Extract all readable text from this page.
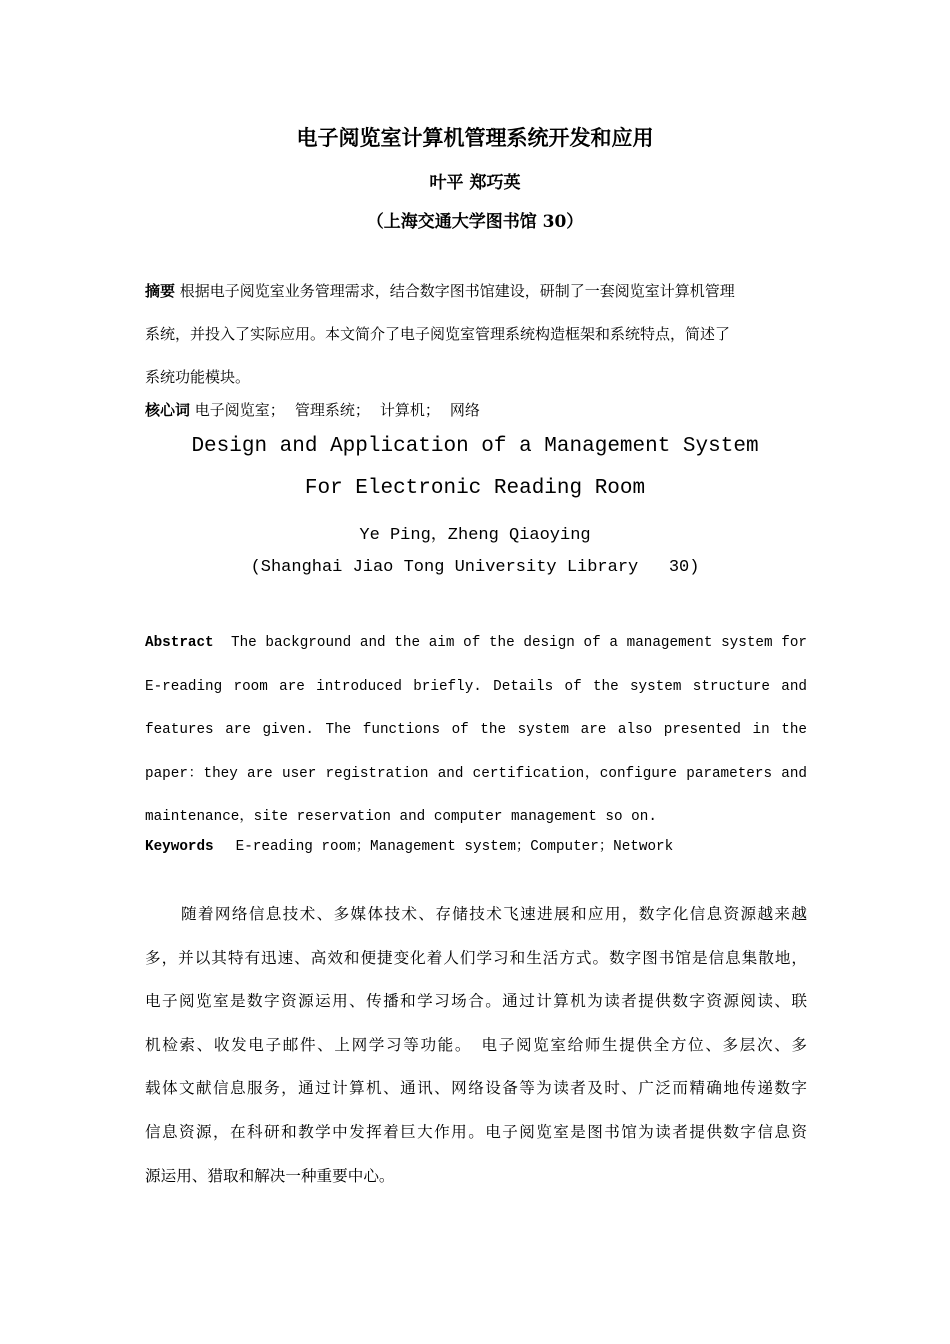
电子阅览室计算机管理系统开发和应用
叶平 郑巧英
（上海交通大学图书馆 30）

摘要 根据电子阅览室业务管理需求，结合数字图书馆建设，研制了一套阅览室计算机管理

系统，并投入了实际应用。本文简介了电子阅览室管理系统构造框架和系统特点，简述了

系统功能模块。

核心词 电子阅览室； 管理系统； 计算机； 网络
Design and Application of a Management System
For Electronic Reading Room
Ye Ping，Zheng Qiaoying
(Shanghai Jiao Tong University Library   30)
Abstract The background and the aim of the design of a management system for
E-reading room are introduced briefly. Details of the system structure and
features are given. The functions of the system are also presented in the
paper：they are user registration and certification，configure parameters and
maintenance，site reservation and computer management so on.
Keywords E-reading room；Management system；Computer；Network
随着网络信息技术、多媒体技术、存储技术飞速进展和应用，数字化信息资源越来越
多，并以其特有迅速、高效和便捷变化着人们学习和生活方式。数字图书馆是信息集散地，
电子阅览室是数字资源运用、传播和学习场合。通过计算机为读者提供数字资源阅读、联
机检索、收发电子邮件、上网学习等功能。　电子阅览室给师生提供全方位、多层次、多
载体文献信息服务，通过计算机、通讯、网络设备等为读者及时、广泛而精确地传递数字
信息资源，在科研和教学中发挥着巨大作用。电子阅览室是图书馆为读者提供数字信息资
源运用、猎取和解决一种重要中心。
